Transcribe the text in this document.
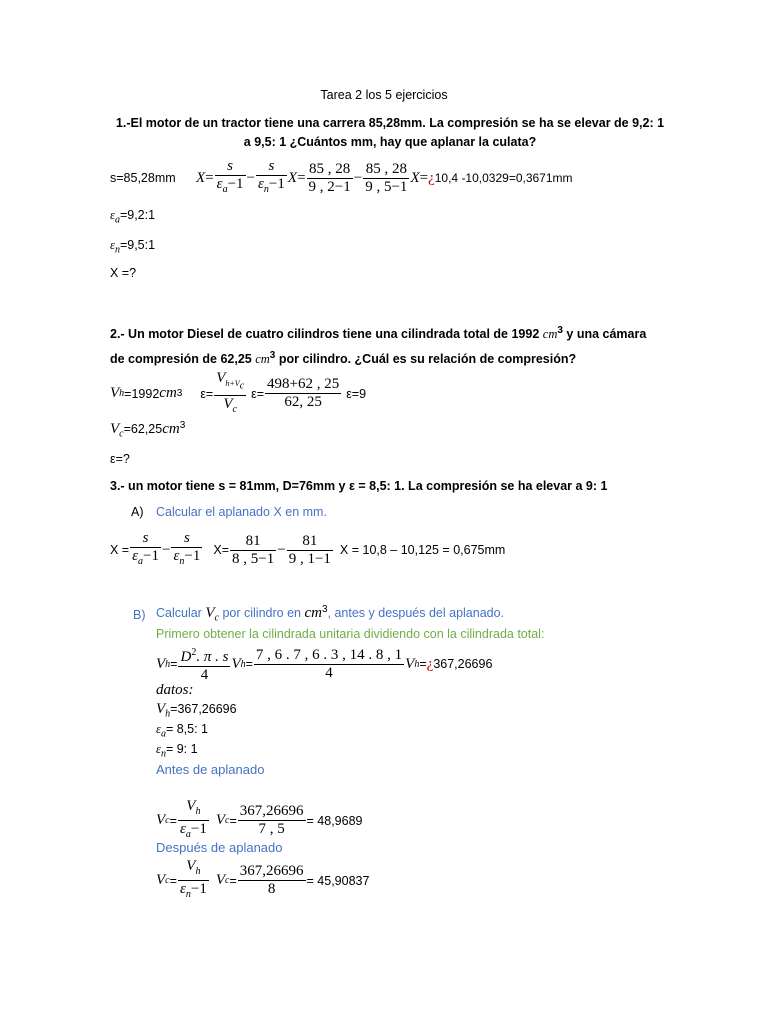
Tarea 2 los 5 ejercicios
1.-El motor de un tractor tiene una carrera 85,28mm. La compresión se ha se elevar de 9,2: 1
a 9,5: 1 ¿Cuántos mm, hay que aplanar la culata?
s=85,28mm	$X = \frac{s}{\varepsilon_a-1} - \frac{s}{\varepsilon_n-1}$ $X = \frac{85 , 28}{9 , 2-1} - \frac{85 , 28}{9 , 5-1}$ X = ¿ 10,4 -10,0329=0,3671mm
$\varepsilon_a=9,2:1$
$\varepsilon_n=9,5:1$
X =?
2.- Un motor Diesel de cuatro cilindros tiene una cilindrada total de 1992 $cm^3$ y una cámara
de compresión de 62,25 $cm^3$ por cilindro. ¿Cuál es su relación de compresión?
V h =1992 cm 3 $\varepsilon= \frac{V_{h+V_c}}{V_c} \varepsilon= \frac{498+62 , 25}{62, 25} \varepsilon=9$
$V_c=62,25cm^3$
ε=?
3.- un motor tiene s = 81mm, D=76mm y ε = 8,5: 1. La compresión se ha elevar a 9: 1
A) Calcular el aplanado X en mm.
$X = \frac{s}{\varepsilon_a-1} - \frac{s}{\varepsilon_n-1} X= \frac{81}{8 , 5-1} - \frac{81}{9 , 1-1}$ X = 10,8 – 10,125 = 0,675mm
B) Calcular $V_c$ por cilindro en $cm^3$, antes y después del aplanado.
Primero obtener la cilindrada unitaria dividiendo con la cilindrada total:
V $h = \frac{D^2. \pi . s}{4}$ V $h = \frac{7 , 6 . 7 , 6 . 3 , 14 . 8 , 1}{4}$ V h = ¿ 367,26696
datos:
$V_h=367,26696$
$\varepsilon_a= 8,5$: 1
$\varepsilon_n= 9$: 1
Antes de aplanado
V $c = \frac{V_h}{\varepsilon_a-1}$ V $c = \frac{367,26696}{7 , 5} = 48,9689$
Después de aplanado
V $c = \frac{V_h}{\varepsilon_n-1}$ V $c = \frac{367,26696}{8} = 45,90837$
